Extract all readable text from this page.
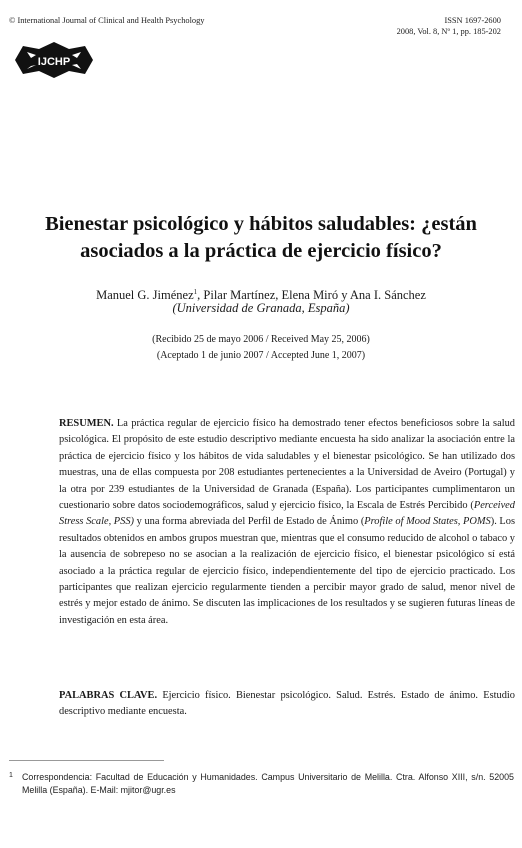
© International Journal of Clinical and Health Psychology	ISSN 1697-2600
2008, Vol. 8, Nº 1, pp. 185-202
IJCHP
Bienestar psicológico y hábitos saludables: ¿están
asociados a la práctica de ejercicio físico?
Manuel G. Jiménez$^1$, Pilar Martínez, Elena Miró y Ana I. Sánchez
(Universidad de Granada, España)
(Recibido 25 de mayo 2006 / Received May 25, 2006)
(Aceptado 1 de junio 2007 / Accepted June 1, 2007)
RESUMEN. La práctica regular de ejercicio físico ha demostrado tener efectos beneficiosos sobre la salud psicológica. El propósito de este estudio descriptivo mediante encuesta ha sido analizar la asociación entre la práctica de ejercicio físico y los hábitos de vida saludables y el bienestar psicológico. Se han utilizado dos muestras, una de ellas compuesta por 208 estudiantes pertenecientes a la Universidad de Aveiro (Portugal) y la otra por 239 estudiantes de la Universidad de Granada (España). Los participantes cumplimentaron un cuestionario sobre datos sociodemográficos, salud y ejercicio físico, la Escala de Estrés Percibido (Perceived Stress Scale, PSS) y una forma abreviada del Perfil de Estado de Ánimo (Profile of Mood States, POMS). Los resultados obtenidos en ambos grupos muestran que, mientras que el consumo reducido de alcohol o tabaco y la ausencia de sobrepeso no se asocian a la realización de ejercicio físico, el bienestar psicológico sí está asociado a la práctica regular de ejercicio físico, independientemente del tipo de ejercicio practicado. Los participantes que realizan ejercicio regularmente tienden a percibir mayor grado de salud, menor nivel de estrés y mejor estado de ánimo. Se discuten las implicaciones de los resultados y se sugieren futuras líneas de investigación en esta área.
PALABRAS CLAVE. Ejercicio físico. Bienestar psicológico. Salud. Estrés. Estado de ánimo. Estudio descriptivo mediante encuesta.
1	Correspondencia: Facultad de Educación y Humanidades. Campus Universitario de Melilla. Ctra. Alfonso XIII, s/n. 52005 Melilla (España). E-Mail: mjitor@ugr.es
